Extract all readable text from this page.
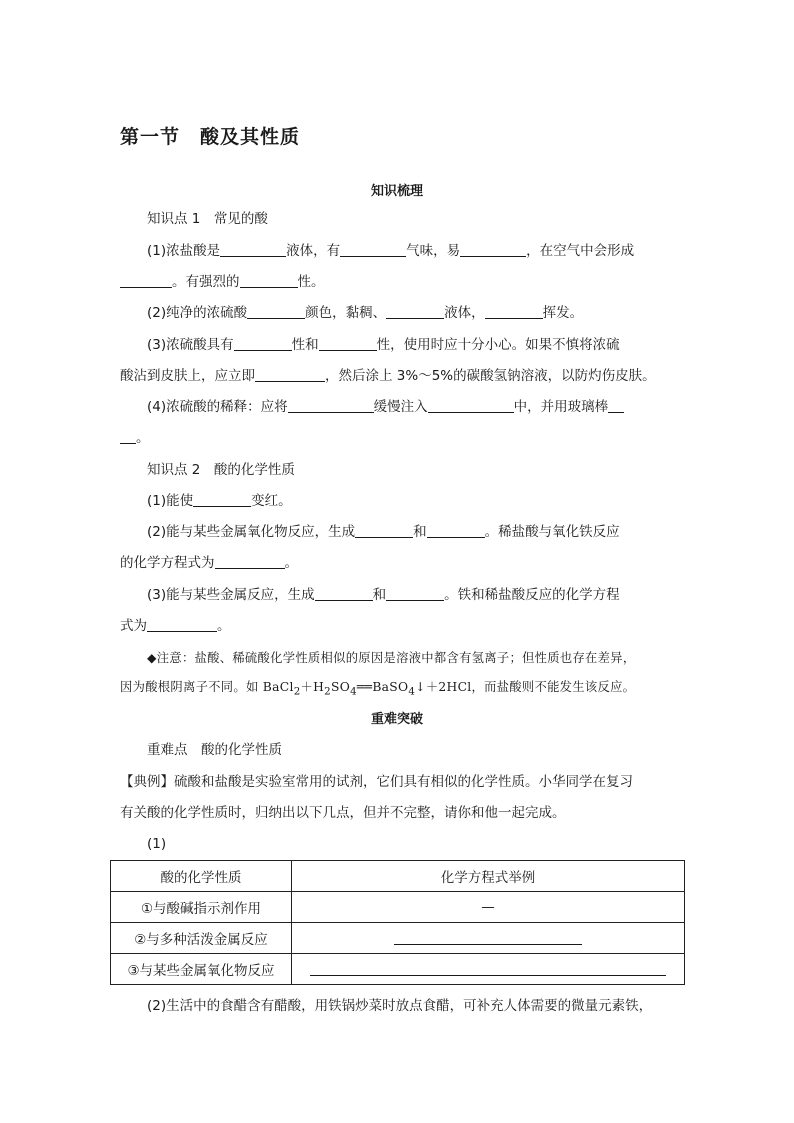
第一节　酸及其性质
知识梳理
知识点 1　常见的酸
(1)浓盐酸是	液体，有	气味，易	，在空气中会形成
。有强烈的	性。
(2)纯净的浓硫酸	颜色，黏稠、	液体，	挥发。
(3)浓硫酸具有	性和	性，使用时应十分小心。如果不慎将浓硫
酸沾到皮肤上，应立即	，然后涂上 3%～5%的碳酸氢钠溶液，以防灼伤皮肤。
(4)浓硫酸的稀释：应将	缓慢注入	中，并用玻璃棒
。
知识点 2　酸的化学性质
(1)能使	变红。
(2)能与某些金属氧化物反应，生成	和	。稀盐酸与氧化铁反应
的化学方程式为	。
(3)能与某些金属反应，生成	和	。铁和稀盐酸反应的化学方程
式为	。
◆注意：盐酸、稀硫酸化学性质相似的原因是溶液中都含有氢离子；但性质也存在差异，
因为酸根阴离子不同。如 $BaCl_2+H_2SO_4══BaSO_4↓+2HCl$，而盐酸则不能发生该反应。
重难突破
重难点　酸的化学性质
【典例】硫酸和盐酸是实验室常用的试剂，它们具有相似的化学性质。小华同学在复习
有关酸的化学性质时，归纳出以下几点，但并不完整，请你和他一起完成。
(1)
酸的化学性质	化学方程式举例
①与酸碱指示剂作用	—
②与多种活泼金属反应	
③与某些金属氧化物反应	
(2)生活中的食醋含有醋酸，用铁锅炒菜时放点食醋，可补充人体需要的微量元素铁，
